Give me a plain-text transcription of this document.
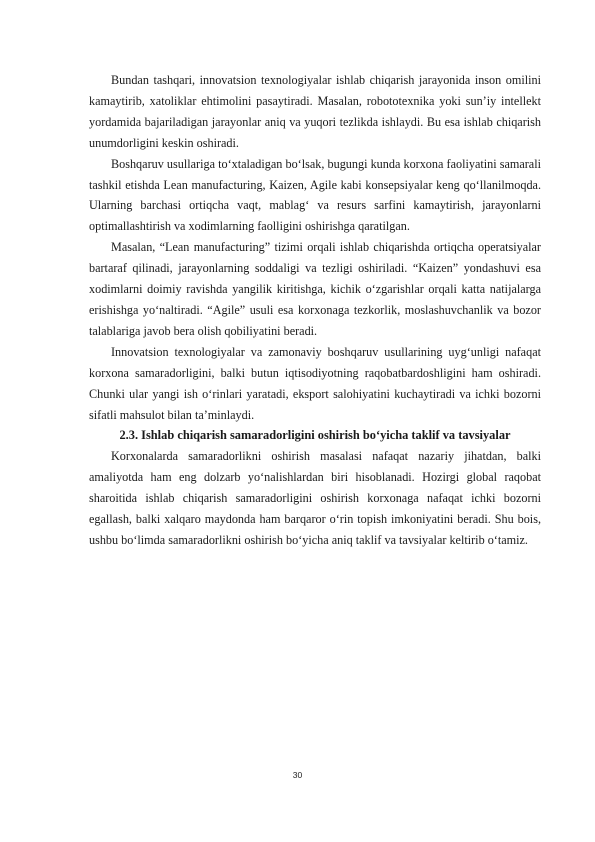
Bundan tashqari, innovatsion texnologiyalar ishlab chiqarish jarayonida inson omilini kamaytirib, xatoliklar ehtimolini pasaytiradi. Masalan, robototexnika yoki sun’iy intellekt yordamida bajariladigan jarayonlar aniq va yuqori tezlikda ishlaydi. Bu esa ishlab chiqarish unumdorligini keskin oshiradi.

Boshqaruv usullariga to‘xtaladigan bo‘lsak, bugungi kunda korxona faoliyatini samarali tashkil etishda Lean manufacturing, Kaizen, Agile kabi konsepsiyalar keng qo‘llanilmoqda. Ularning barchasi ortiqcha vaqt, mablag‘ va resurs sarfini kamaytirish, jarayonlarni optimallashtirish va xodimlarning faolligini oshirishga qaratilgan.

Masalan, “Lean manufacturing” tizimi orqali ishlab chiqarishda ortiqcha operatsiyalar bartaraf qilinadi, jarayonlarning soddaligi va tezligi oshiriladi. “Kaizen” yondashuvi esa xodimlarni doimiy ravishda yangilik kiritishga, kichik o‘zgarishlar orqali katta natijalarga erishishga yo‘naltiradi. “Agile” usuli esa korxonaga tezkorlik, moslashuvchanlik va bozor talablariga javob bera olish qobiliyatini beradi.

Innovatsion texnologiyalar va zamonaviy boshqaruv usullarining uyg‘unligi nafaqat korxona samaradorligini, balki butun iqtisodiyotning raqobatbardoshligini ham oshiradi. Chunki ular yangi ish o‘rinlari yaratadi, eksport salohiyatini kuchaytiradi va ichki bozorni sifatli mahsulot bilan ta’minlaydi.

2.3. Ishlab chiqarish samaradorligini oshirish bo‘yicha taklif va tavsiyalar

Korxonalarda samaradorlikni oshirish masalasi nafaqat nazariy jihatdan, balki amaliyotda ham eng dolzarb yo‘nalishlardan biri hisoblanadi. Hozirgi global raqobat sharoitida ishlab chiqarish samaradorligini oshirish korxonaga nafaqat ichki bozorni egallash, balki xalqaro maydonda ham barqaror o‘rin topish imkoniyatini beradi. Shu bois, ushbu bo‘limda samaradorlikni oshirish bo‘yicha aniq taklif va tavsiyalar keltirib o‘tamiz.

30
